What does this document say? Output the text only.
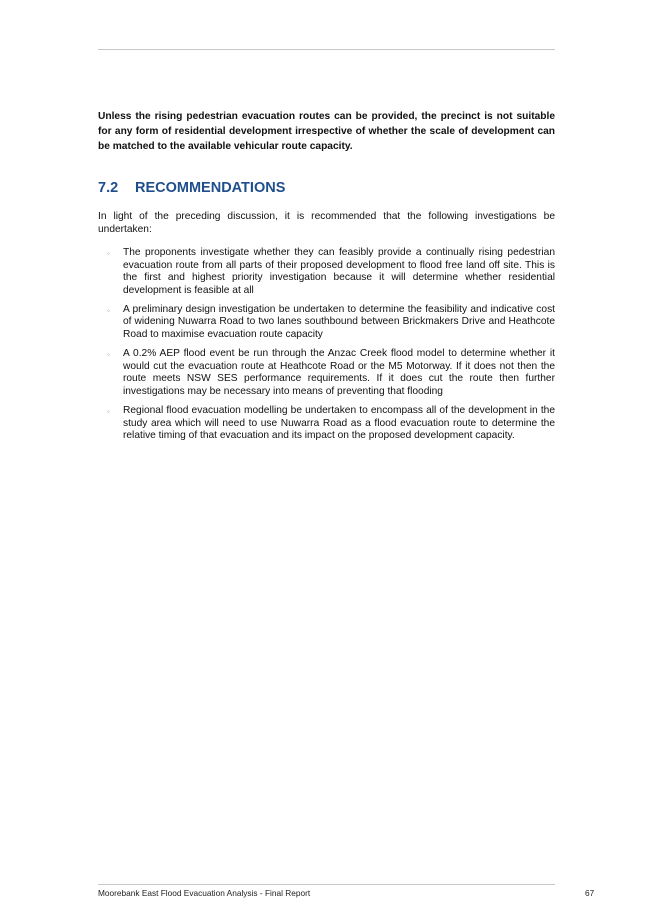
Unless the rising pedestrian evacuation routes can be provided, the precinct is not suitable for any form of residential development irrespective of whether the scale of development can be matched to the available vehicular route capacity.

7.2	RECOMMENDATIONS

In light of the preceding discussion, it is recommended that the following investigations be undertaken:

◦ The proponents investigate whether they can feasibly provide a continually rising pedestrian evacuation route from all parts of their proposed development to flood free land off site. This is the first and highest priority investigation because it will determine whether residential development is feasible at all
◦ A preliminary design investigation be undertaken to determine the feasibility and indicative cost of widening Nuwarra Road to two lanes southbound between Brickmakers Drive and Heathcote Road to maximise evacuation route capacity
◦ A 0.2% AEP flood event be run through the Anzac Creek flood model to determine whether it would cut the evacuation route at Heathcote Road or the M5 Motorway. If it does not then the route meets NSW SES performance requirements. If it does cut the route then further investigations may be necessary into means of preventing that flooding
◦ Regional flood evacuation modelling be undertaken to encompass all of the development in the study area which will need to use Nuwarra Road as a flood evacuation route to determine the relative timing of that evacuation and its impact on the proposed development capacity.
Moorebank East Flood Evacuation Analysis - Final Report	67
